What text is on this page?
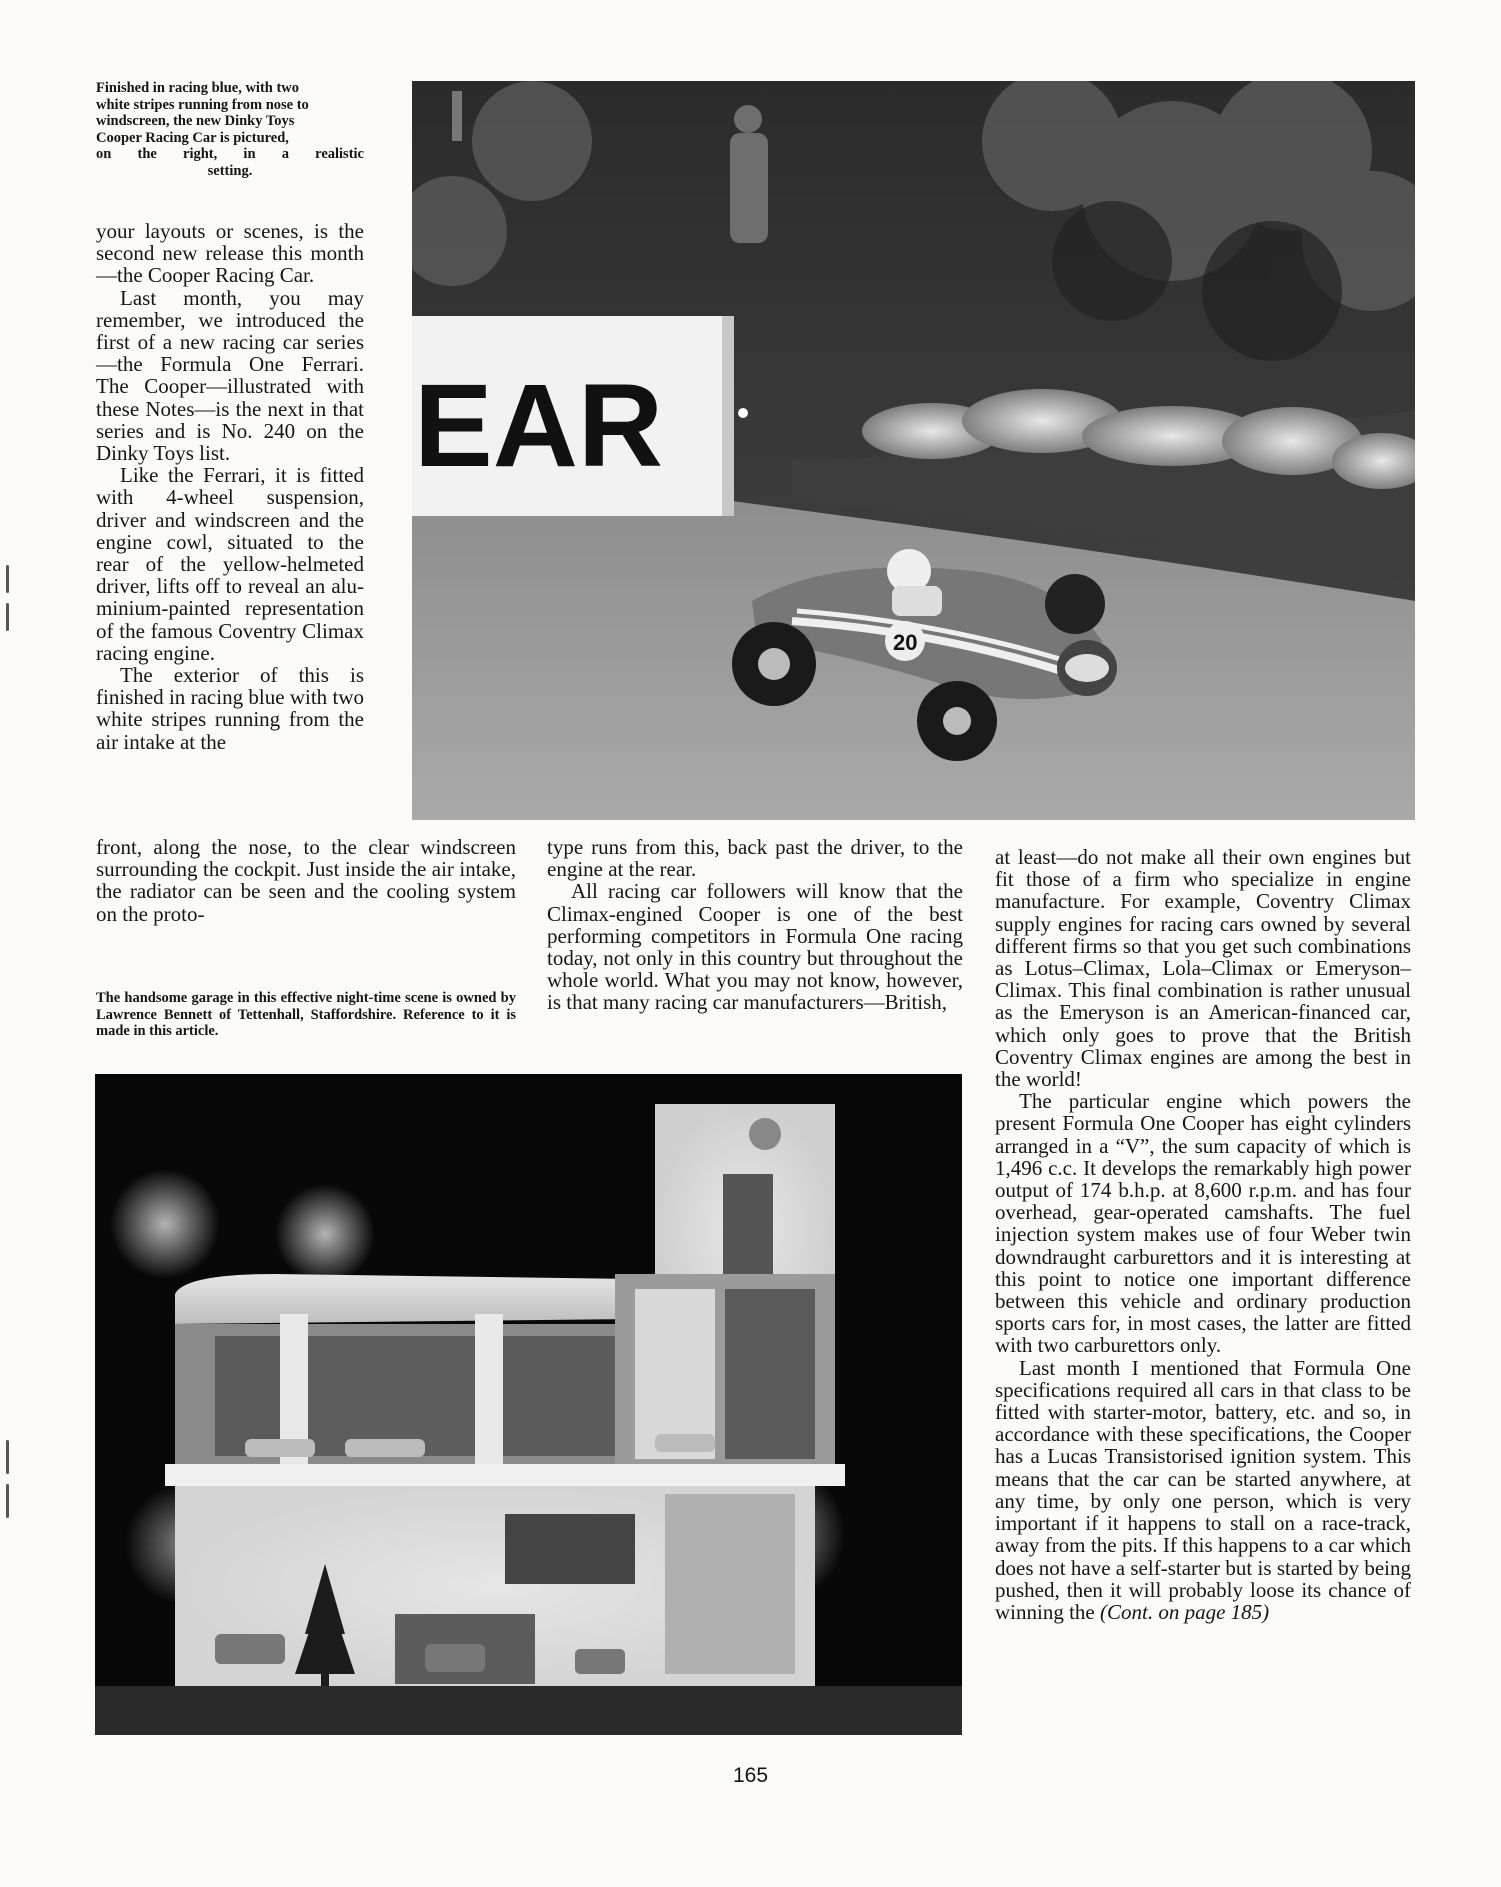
Finished in racing blue, with two
white stripes running from nose to
windscreen, the new Dinky Toys
Cooper Racing Car is pictured,
on the right, in a realistic
setting.
EAR
20

your layouts or scenes, is the second new release this month—the Cooper Racing Car.

Last month, you may remember, we introduced the first of a new racing car series—the Formula One Ferrari. The Cooper—illustrated with these Notes—is the next in that series and is No. 240 on the Dinky Toys list.

Like the Ferrari, it is fitted with 4-wheel suspension, driver and windscreen and the engine cowl, situated to the rear of the yellow-helmeted driver, lifts off to reveal an aluminium-painted representation of the famous Coventry Climax racing engine.

The exterior of this is finished in racing blue with two white stripes running from the air intake at the

front, along the nose, to the clear windscreen surrounding the cockpit. Just inside the air intake, the radiator can be seen and the cooling system on the proto-

The handsome garage in this effective night-time scene is owned by Lawrence Bennett of Tettenhall, Staffordshire. Reference to it is made in this article.

type runs from this, back past the driver, to the engine at the rear.

All racing car followers will know that the Climax-engined Cooper is one of the best performing competitors in Formula One racing today, not only in this country but throughout the whole world. What you may not know, however, is that many racing car manufacturers—British,

at least—do not make all their own engines but fit those of a firm who specialize in engine manufacture. For example, Coventry Climax supply engines for racing cars owned by several different firms so that you get such combinations as Lotus–Climax, Lola–Climax or Emeryson–Climax. This final combination is rather unusual as the Emeryson is an American-financed car, which only goes to prove that the British Coventry Climax engines are among the best in the world!

The particular engine which powers the present Formula One Cooper has eight cylinders arranged in a “V”, the sum capacity of which is 1,496 c.c. It develops the remarkably high power output of 174 b.h.p. at 8,600 r.p.m. and has four overhead, gear-operated camshafts. The fuel injection system makes use of four Weber twin downdraught carburettors and it is interesting at this point to notice one important difference between this vehicle and ordinary production sports cars for, in most cases, the latter are fitted with two carburettors only.

Last month I mentioned that Formula One specifications required all cars in that class to be fitted with starter-motor, battery, etc. and so, in accordance with these specifications, the Cooper has a Lucas Transistorised ignition system. This means that the car can be started anywhere, at any time, by only one person, which is very important if it happens to stall on a race-track, away from the pits. If this happens to a car which does not have a self-starter but is started by being pushed, then it will probably loose its chance of winning the (Cont. on page 185)

165
